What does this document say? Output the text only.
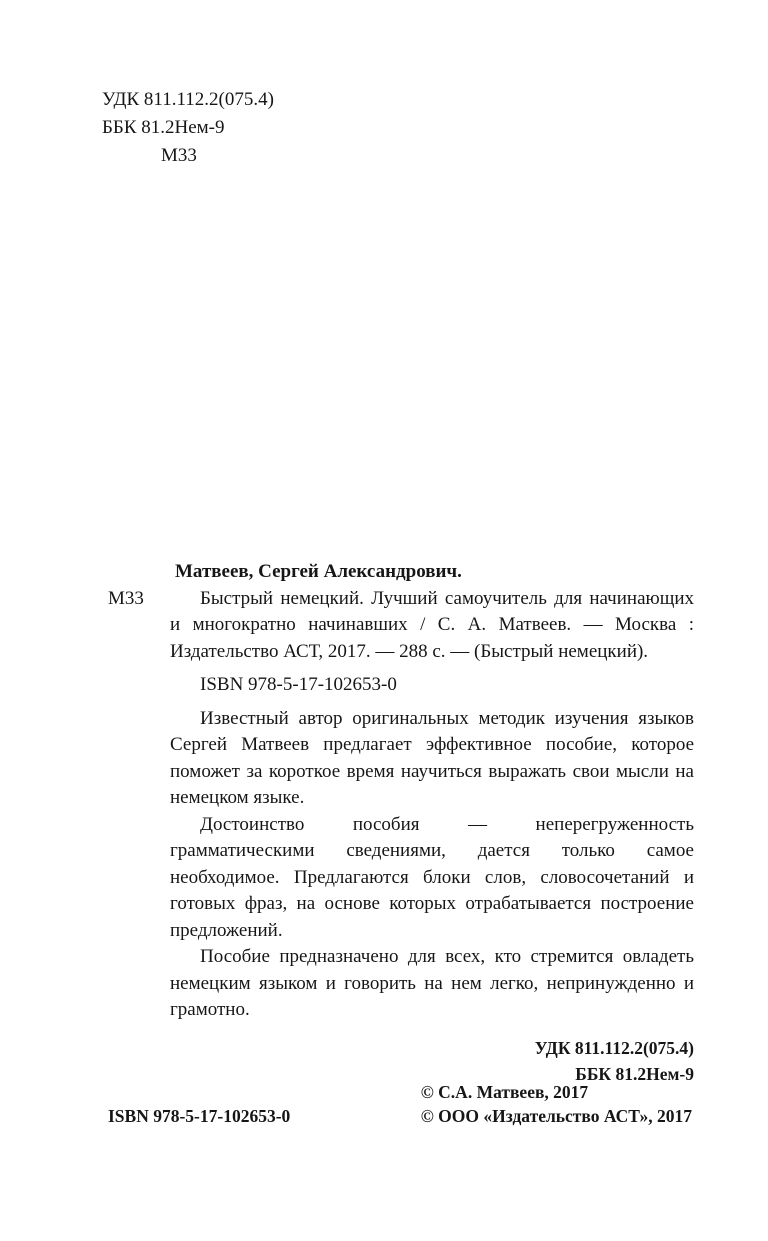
УДК 811.112.2(075.4)
ББК 81.2Нем-9
М33

Матвеев, Сергей Александрович.

М33	Быстрый немецкий. Лучший самоучитель для начинающих и многократно начинавших / С. А. Матвеев. — Москва : Издательство АСТ, 2017. — 288 с. — (Быстрый немецкий).

ISBN 978-5-17-102653-0

Известный автор оригинальных методик изучения языков Сергей Матвеев предлагает эффективное пособие, которое поможет за короткое время научиться выражать свои мысли на немецком языке.

Достоинство пособия — неперегруженность грамматическими сведениями, дается только самое необходимое. Предлагаются блоки слов, словосочетаний и готовых фраз, на основе которых отрабатывается построение предложений.

Пособие предназначено для всех, кто стремится овладеть немецким языком и говорить на нем легко, непринужденно и грамотно.

УДК 811.112.2(075.4)
ББК 81.2Нем-9
ISBN 978-5-17-102653-0
© С.А. Матвеев, 2017
© ООО «Издательство АСТ», 2017
